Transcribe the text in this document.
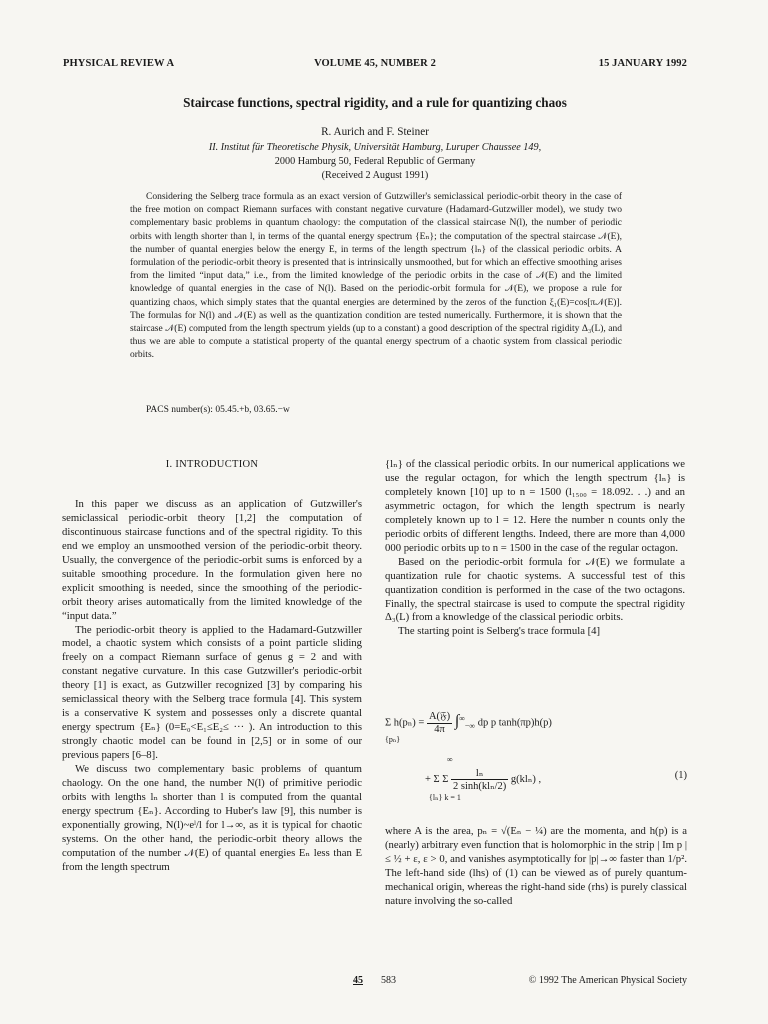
PHYSICAL REVIEW A	VOLUME 45, NUMBER 2	15 JANUARY 1992
Staircase functions, spectral rigidity, and a rule for quantizing chaos
R. Aurich and F. Steiner
II. Institut für Theoretische Physik, Universität Hamburg, Luruper Chaussee 149,
2000 Hamburg 50, Federal Republic of Germany
(Received 2 August 1991)
Considering the Selberg trace formula as an exact version of Gutzwiller's semiclassical periodic-orbit theory in the case of the free motion on compact Riemann surfaces with constant negative curvature (Hadamard-Gutzwiller model), we study two complementary basic problems in quantum chaology: the computation of the classical staircase N(l), the number of periodic orbits with length shorter than l, in terms of the quantal energy spectrum {Eₙ}; the computation of the spectral staircase 𝒩(E), the number of quantal energies below the energy E, in terms of the length spectrum {lₙ} of the classical periodic orbits. A formulation of the periodic-orbit theory is presented that is intrinsically unsmoothed, but for which an effective smoothing arises from the limited “input data,” i.e., from the limited knowledge of the periodic orbits in the case of 𝒩(E) and the limited knowledge of quantal energies in the case of N(l). Based on the periodic-orbit formula for 𝒩(E), we propose a rule for quantizing chaos, which simply states that the quantal energies are determined by the zeros of the function ξ₁(E)=cos[π𝒩(E)]. The formulas for N(l) and 𝒩(E) as well as the quantization condition are tested numerically. Furthermore, it is shown that the staircase 𝒩(E) computed from the length spectrum yields (up to a constant) a good description of the spectral rigidity Δ₃(L), and thus we are able to compute a statistical property of the quantal energy spectrum of a chaotic system from classical periodic orbits.
PACS number(s): 05.45.+b, 03.65.−w
I. INTRODUCTION

In this paper we discuss as an application of Gutzwiller's semiclassical periodic-orbit theory [1,2] the computation of discontinuous staircase functions and of the spectral rigidity. To this end we employ an unsmoothed version of the periodic-orbit theory. Usually, the convergence of the periodic-orbit sums is enforced by a suitable smoothing procedure. In the formulation given here no explicit smoothing is needed, since the smoothing of the periodic-orbit theory arises automatically from the limited knowledge of the “input data.”

The periodic-orbit theory is applied to the Hadamard-Gutzwiller model, a chaotic system which consists of a point particle sliding freely on a compact Riemann surface of genus g = 2 and with constant negative curvature. In this case Gutzwiller's periodic-orbit theory [1] is exact, as Gutzwiller recognized [3] by comparing his semiclassical theory with the Selberg trace formula [4]. This system is a conservative K system and possesses only a discrete quantal energy spectrum {Eₙ} (0=E₀<E₁≤E₂≤ ··· ). An introduction to this strongly chaotic model can be found in [2,5] or in some of our previous papers [6–8].

We discuss two complementary basic problems of quantum chaology. On the one hand, the number N(l) of primitive periodic orbits with lengths lₙ shorter than l is computed from the quantal energy spectrum {Eₙ}. According to Huber's law [9], this number is exponentially growing, N(l)~eˡ/l for l→∞, as it is typical for chaotic systems. On the other hand, the periodic-orbit theory allows the computation of the number 𝒩(E) of quantal energies Eₙ less than E from the length spectrum

{lₙ} of the classical periodic orbits. In our numerical applications we use the regular octagon, for which the length spectrum {lₙ} is completely known [10] up to n = 1500 (l₁₅₀₀ = 18.092. . .) and an asymmetric octagon, for which the length spectrum is nearly completely known up to l = 12. Here the number n counts only the periodic orbits of different lengths. Indeed, there are more than 4,000 000 periodic orbits up to n = 1500 in the case of the regular octagon.

Based on the periodic-orbit formula for 𝒩(E) we formulate a quantization rule for chaotic systems. A successful test of this quantization condition is performed in the case of the two octagons. Finally, the spectral staircase is used to compute the spectral rigidity Δ₃(L) from a knowledge of the classical periodic orbits.

The starting point is Selberg's trace formula [4]

Σ $h(p_n) = \frac{\text{A(𝔉)}}{4\pi} \int^\infty_{-\infty}$ dp p tanh(πp)h(p)
{pₙ}
∞
+ Σ Σ $\frac{\text{lₙ}}{\text{2 sinh(klₙ/2)}} g(kl_n)$ ,
{lₙ} k = 1
(1)
where A is the area, pₙ = √(Eₙ − ¼) are the momenta, and h(p) is a (nearly) arbitrary even function that is holomorphic in the strip | Im p | ≤ ½ + ε, ε > 0, and vanishes asymptotically for |p|→∞ faster than 1/p². The left-hand side (lhs) of (1) can be viewed as of purely quantum-mechanical origin, whereas the right-hand side (rhs) is purely classical nature involving the so-called
45 583	© 1992 The American Physical Society
